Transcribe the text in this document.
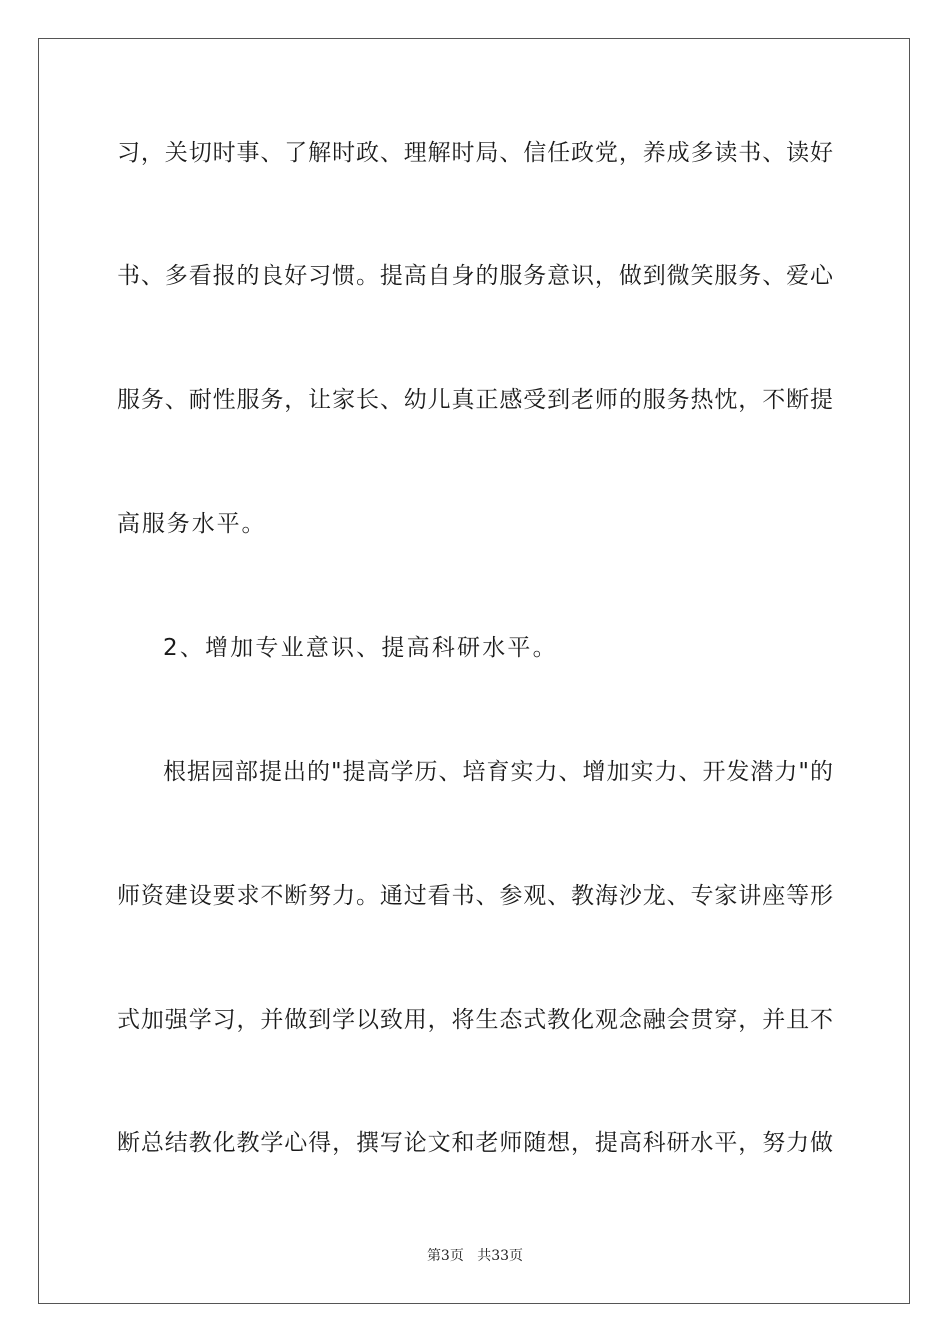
习，关切时事、了解时政、理解时局、信任政党，养成多读书、读好
书、多看报的良好习惯。提高自身的服务意识，做到微笑服务、爱心
服务、耐性服务，让家长、幼儿真正感受到老师的服务热忱，不断提
高服务水平。
2、增加专业意识、提高科研水平。
根据园部提出的"提高学历、培育实力、增加实力、开发潜力"的
师资建设要求不断努力。通过看书、参观、教海沙龙、专家讲座等形
式加强学习，并做到学以致用，将生态式教化观念融会贯穿，并且不
断总结教化教学心得，撰写论文和老师随想，提高科研水平，努力做
第3页 共33页
